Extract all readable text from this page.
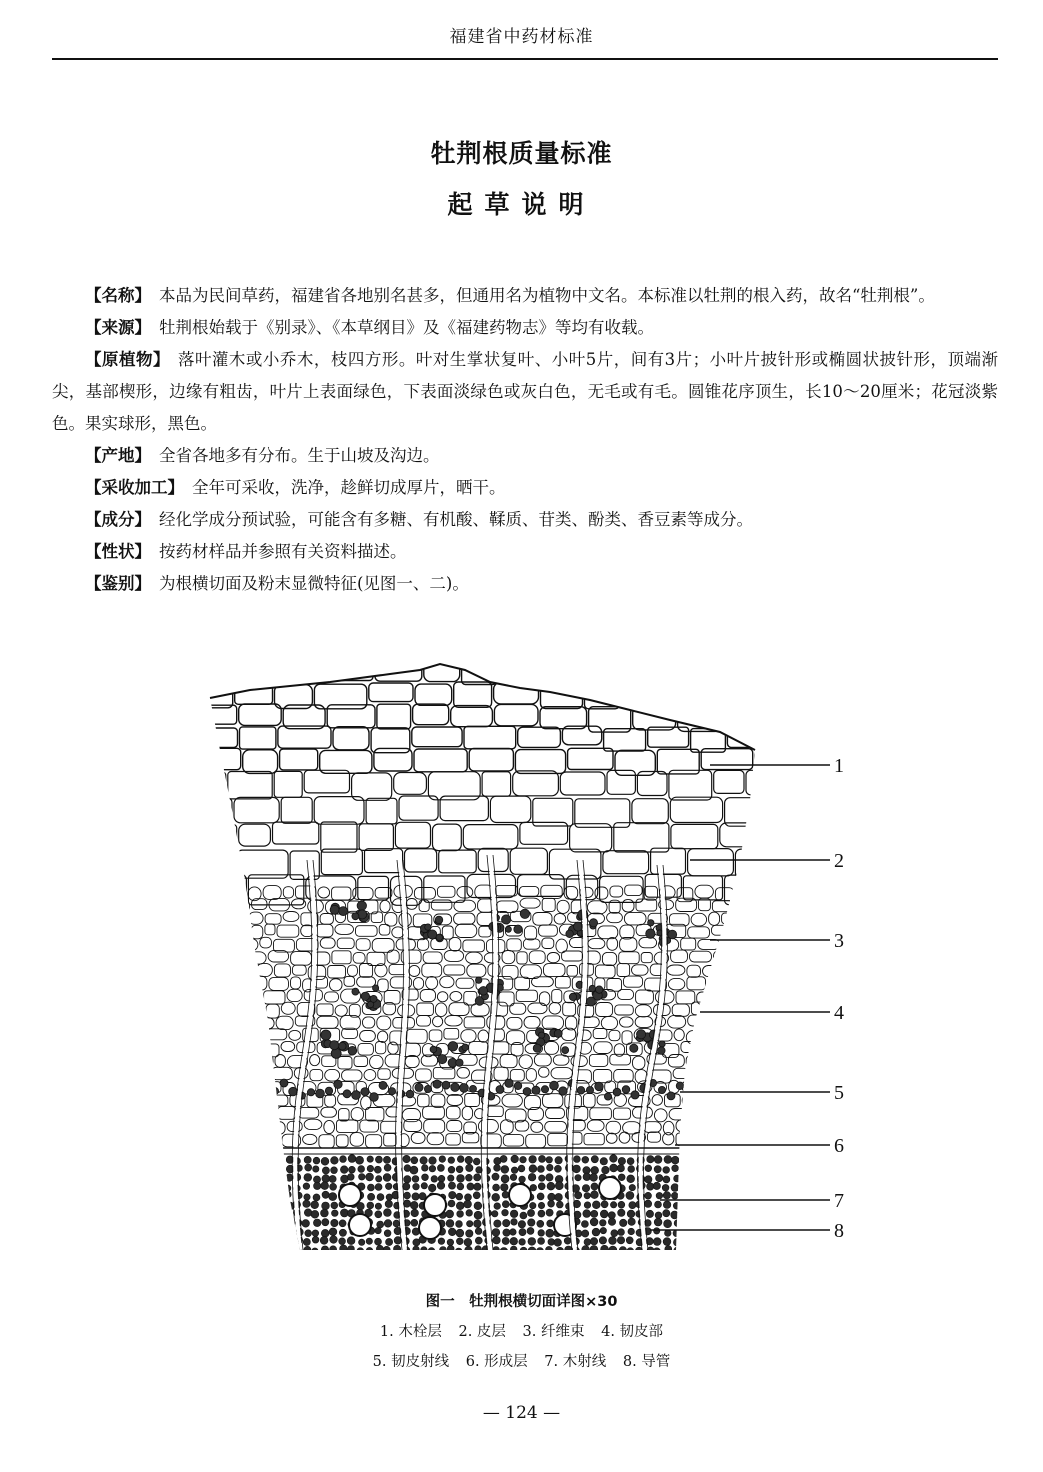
福建省中药材标准
牡荆根质量标准
起草说明

【名称】 本品为民间草药，福建省各地别名甚多，但通用名为植物中文名。本标准以牡荆的根入药，故名“牡荆根”。

【来源】 牡荆根始载于《别录》、《本草纲目》及《福建药物志》等均有收载。

【原植物】 落叶灌木或小乔木，枝四方形。叶对生掌状复叶、小叶5片，间有3片；小叶片披针形或椭圆状披针形，顶端渐尖，基部楔形，边缘有粗齿，叶片上表面绿色，下表面淡绿色或灰白色，无毛或有毛。圆锥花序顶生，长10～20厘米；花冠淡紫色。果实球形，黑色。

【产地】 全省各地多有分布。生于山坡及沟边。

【采收加工】 全年可采收，洗净，趁鲜切成厚片，晒干。

【成分】 经化学成分预试验，可能含有多糖、有机酸、鞣质、苷类、酚类、香豆素等成分。

【性状】 按药材样品并参照有关资料描述。

【鉴别】 为根横切面及粉末显微特征(见图一、二)。

1
2
3
4
5
6
7
8
图一　牡荆根横切面详图×30
1. 木栓层 2. 皮层 3. 纤维束 4. 韧皮部
5. 韧皮射线 6. 形成层 7. 木射线 8. 导管
— 124 —
